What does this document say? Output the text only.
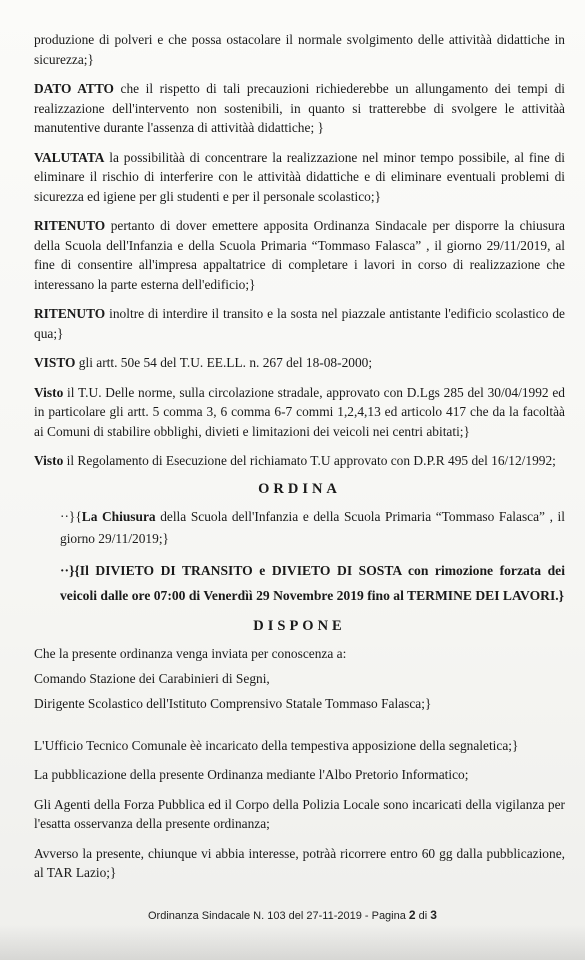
produzione di polveri e che possa ostacolare il normale svolgimento delle attivitàà didattiche in sicurezza;}

DATO ATTO che il rispetto di tali precauzioni richiederebbe un allungamento dei tempi di realizzazione dell'intervento non sostenibili, in quanto si tratterebbe di svolgere le attivitàà manutentive durante l'assenza di attivitàà didattiche; }

VALUTATA la possibilitàà di concentrare la realizzazione nel minor tempo possibile, al fine di eliminare il rischio di interferire con le attivitàà didattiche e di eliminare eventuali problemi di sicurezza ed igiene per gli studenti e per il personale scolastico;}

RITENUTO pertanto di dover emettere apposita Ordinanza Sindacale per disporre la chiusura della Scuola dell'Infanzia e della Scuola Primaria “Tommaso Falasca” , il giorno 29/11/2019, al fine di consentire all'impresa appaltatrice di completare i lavori in corso di realizzazione che interessano la parte esterna dell'edificio;}

RITENUTO inoltre di interdire il transito e la sosta nel piazzale antistante l'edificio scolastico de qua;}

VISTO gli artt. 50e 54 del T.U. EE.LL. n. 267 del 18-08-2000;

Visto il T.U. Delle norme, sulla circolazione stradale, approvato con D.Lgs 285 del 30/04/1992 ed in particolare gli artt. 5 comma 3, 6 comma 6-7 commi 1,2,4,13 ed articolo 417 che da la facoltàà ai Comuni di stabilire obblighi, divieti e limitazioni dei veicoli nei centri abitati;}

Visto il Regolamento di Esecuzione del richiamato T.U approvato con D.P.R 495 del 16/12/1992;

ORDINA

··}{La Chiusura della Scuola dell'Infanzia e della Scuola Primaria “Tommaso Falasca” , il giorno 29/11/2019;}

··}{Il DIVIETO DI TRANSITO e DIVIETO DI SOSTA con rimozione forzata dei veicoli dalle ore 07:00 di Venerdìì 29 Novembre 2019 fino al TERMINE DEI LAVORI.}

DISPONE
Che la presente ordinanza venga inviata per conoscenza a:
Comando Stazione dei Carabinieri di Segni,
Dirigente Scolastico dell'Istituto Comprensivo Statale Tommaso Falasca;}

L'Ufficio Tecnico Comunale èè incaricato della tempestiva apposizione della segnaletica;}

La pubblicazione della presente Ordinanza mediante l'Albo Pretorio Informatico;

Gli Agenti della Forza Pubblica ed il Corpo della Polizia Locale sono incaricati della vigilanza per l'esatta osservanza della presente ordinanza;

Avverso la presente, chiunque vi abbia interesse, potràà ricorrere entro 60 gg dalla pubblicazione, al TAR Lazio;}

Ordinanza Sindacale N. 103 del 27-11-2019 - Pagina 2 di 3
